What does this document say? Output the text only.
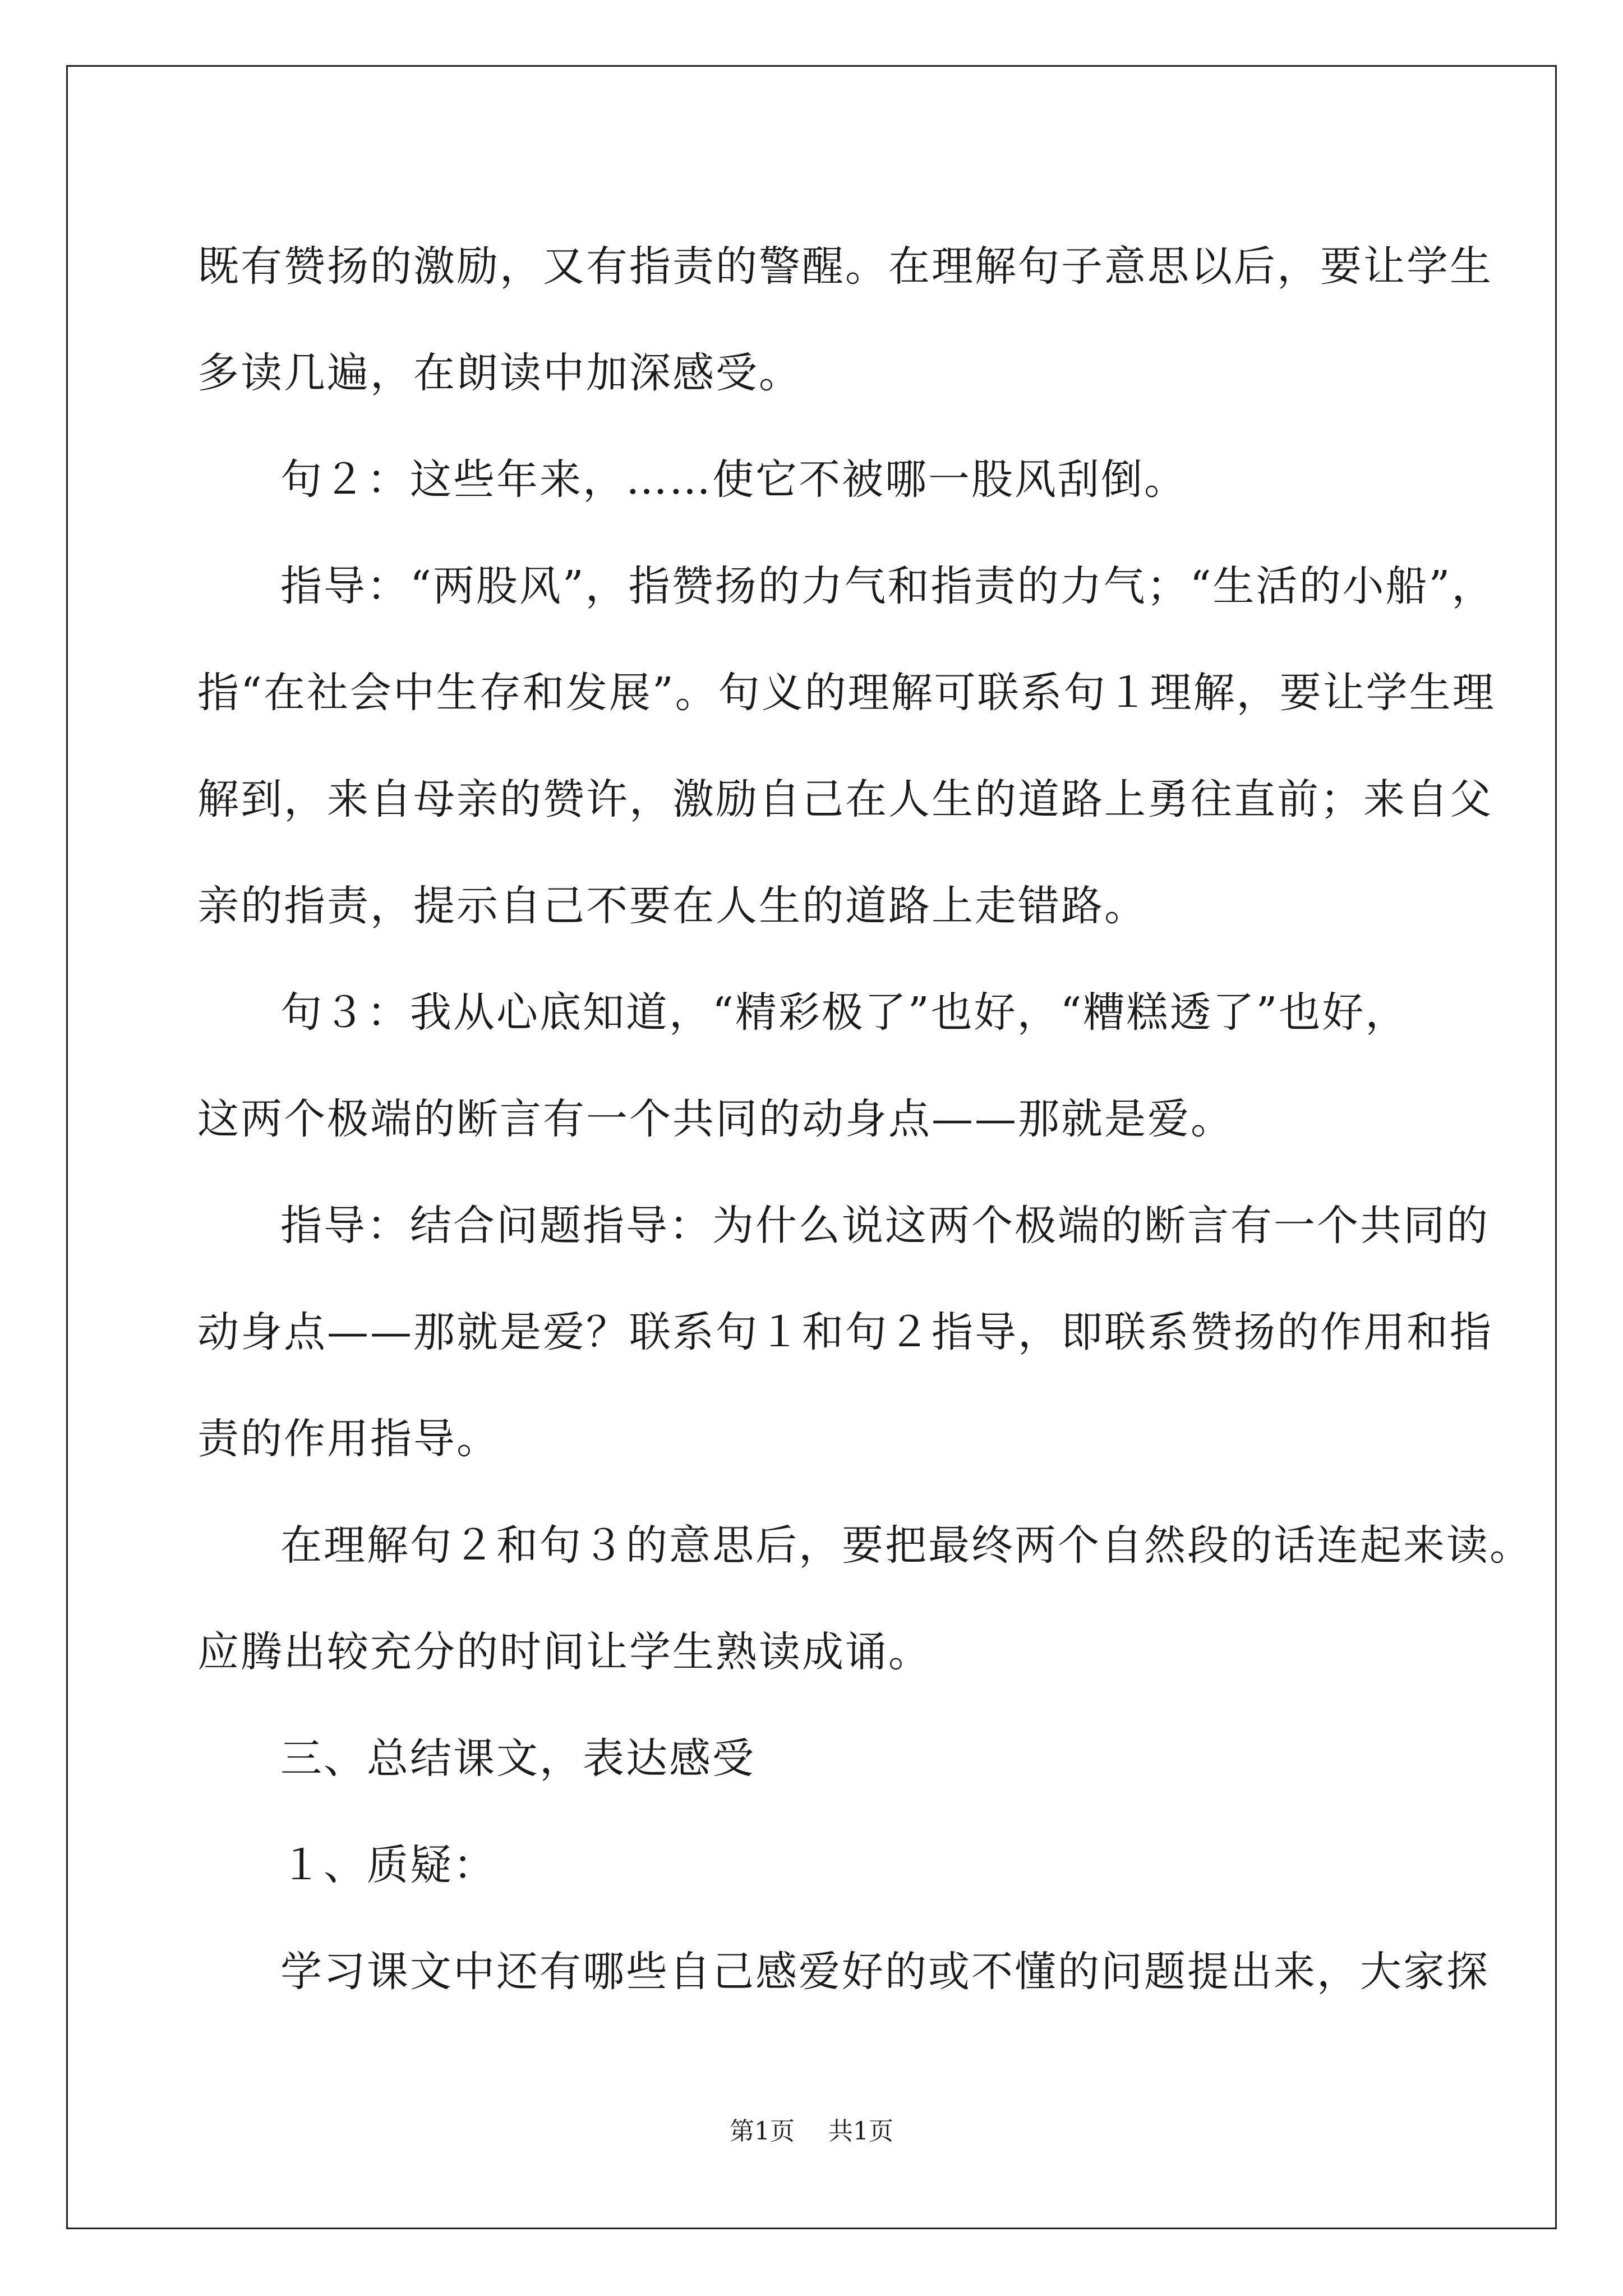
既有赞扬的激励，又有指责的警醒。在理解句子意思以后，要让学生
多读几遍，在朗读中加深感受。
句２：这些年来，……使它不被哪一股风刮倒。
指导：“两股风”，指赞扬的力气和指责的力气；“生活的小船”，
指“在社会中生存和发展”。句义的理解可联系句１理解，要让学生理
解到，来自母亲的赞许，激励自己在人生的道路上勇往直前；来自父
亲的指责，提示自己不要在人生的道路上走错路。
句３：我从心底知道，“精彩极了”也好，“糟糕透了”也好，
这两个极端的断言有一个共同的动身点——那就是爱。
指导：结合问题指导：为什么说这两个极端的断言有一个共同的
动身点——那就是爱？联系句１和句２指导，即联系赞扬的作用和指
责的作用指导。
在理解句２和句３的意思后，要把最终两个自然段的话连起来读。
应腾出较充分的时间让学生熟读成诵。
三、总结课文，表达感受
１、质疑：
学习课文中还有哪些自己感爱好的或不懂的问题提出来，大家探
第1页 共1页
